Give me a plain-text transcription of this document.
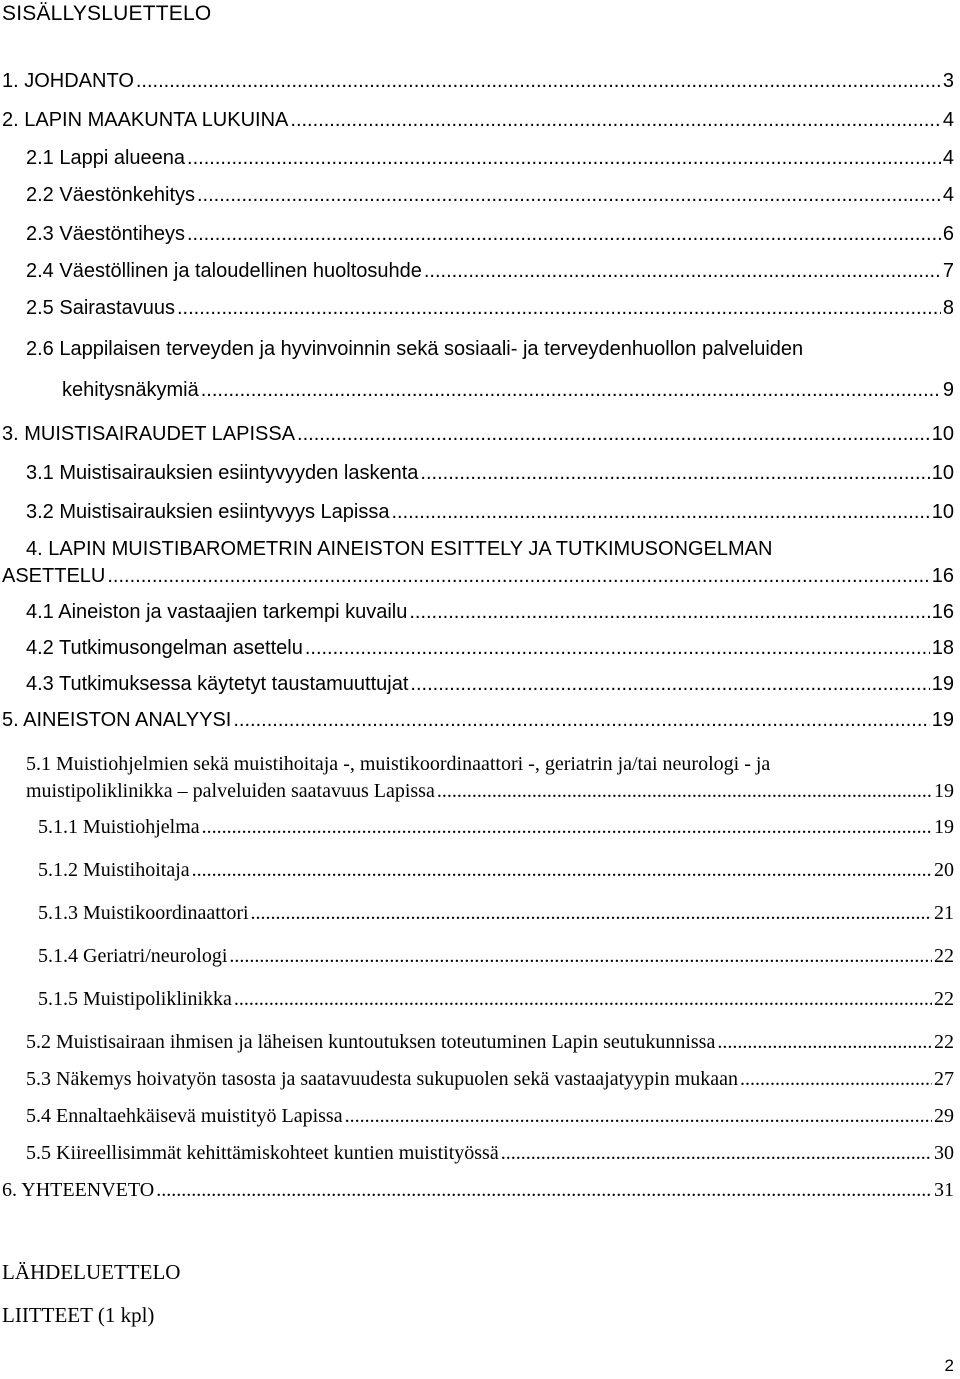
SISÄLLYSLUETTELO
1. JOHDANTO .....	3
2. LAPIN MAAKUNTA LUKUINA .....	4
2.1 Lappi alueena .....	4
2.2 Väestönkehitys .....	4
2.3 Väestöntiheys .....	6
2.4 Väestöllinen ja taloudellinen huoltosuhde .....	7
2.5 Sairastavuus .....	8
2.6 Lappilaisen terveyden ja hyvinvoinnin sekä sosiaali- ja terveydenhuollon palveluiden
kehitysnäkymiä .....	9
3. MUISTISAIRAUDET LAPISSA .....	10
3.1 Muistisairauksien esiintyvyyden laskenta .....	10
3.2 Muistisairauksien esiintyvyys Lapissa .....	10
4. LAPIN MUISTIBAROMETRIN AINEISTON ESITTELY JA TUTKIMUSONGELMAN
ASETTELU .....	16
4.1 Aineiston ja vastaajien tarkempi kuvailu .....	16
4.2 Tutkimusongelman asettelu .....	18
4.3 Tutkimuksessa käytetyt taustamuuttujat .....	19
5. AINEISTON ANALYYSI .....	19
5.1 Muistiohjelmien sekä muistihoitaja -, muistikoordinaattori -, geriatrin ja/tai neurologi - ja
muistipoliklinikka – palveluiden saatavuus Lapissa .....	19
5.1.1 Muistiohjelma .....	19
5.1.2 Muistihoitaja .....	20
5.1.3 Muistikoordinaattori .....	21
5.1.4 Geriatri/neurologi .....	22
5.1.5 Muistipoliklinikka .....	22
5.2 Muistisairaan ihmisen ja läheisen kuntoutuksen toteutuminen Lapin seutukunnissa .....	22
5.3 Näkemys hoivatyön tasosta ja saatavuudesta sukupuolen sekä vastaajatyypin mukaan .....	27
5.4 Ennaltaehkäisevä muistityö Lapissa .....	29
5.5 Kiireellisimmät kehittämiskohteet kuntien muistityössä .....	30
6. YHTEENVETO .....	31
LÄHDELUETTELO
LIITTEET (1 kpl)
2
